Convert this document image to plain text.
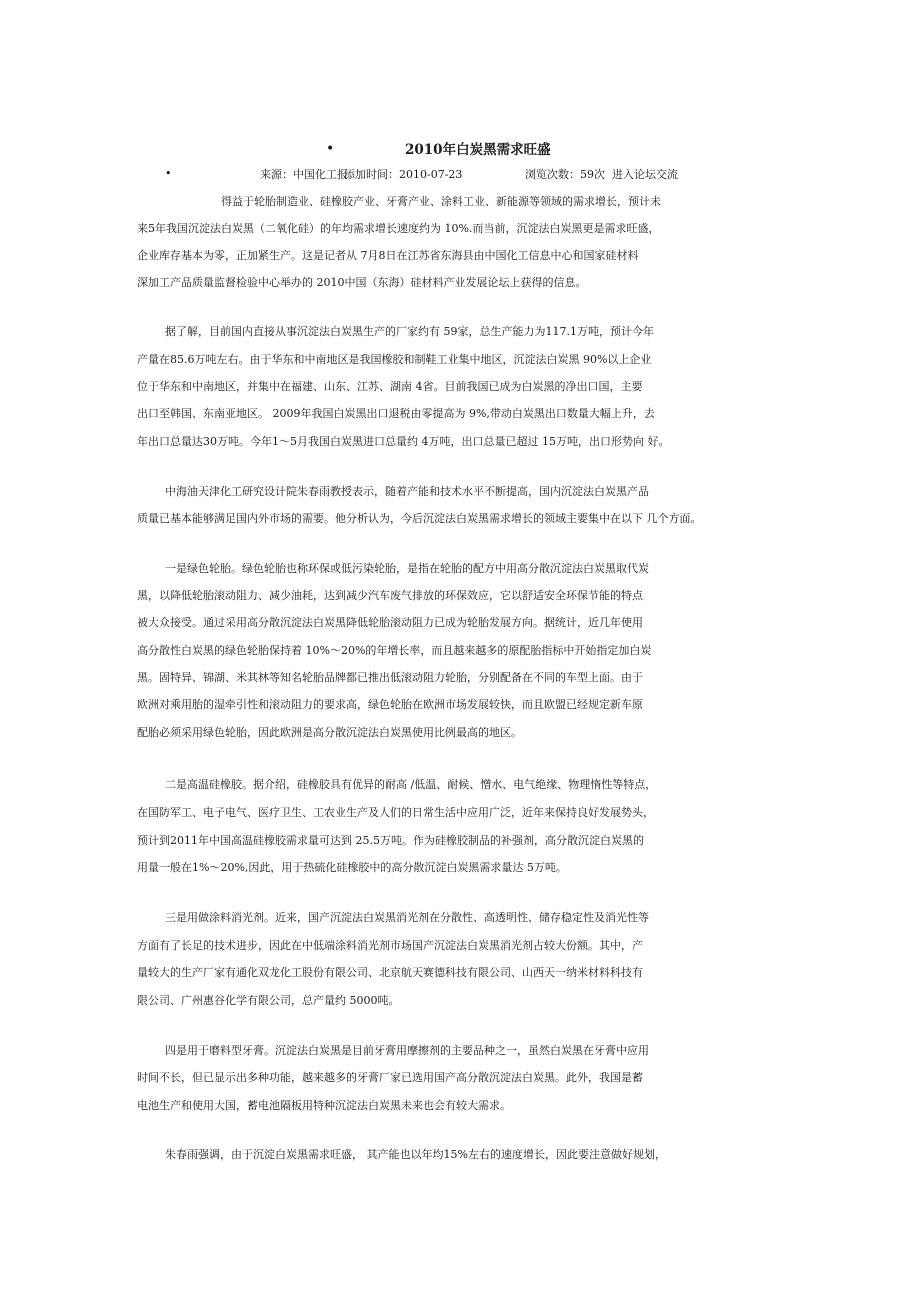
•	2010年白炭黑需求旺盛
•	来源：中国化工报
添加时间：2010-07-23	浏览次数：59次 进入论坛交流
得益于轮胎制造业、硅橡胶产业、牙膏产业、涂料工业、新能源等领域的需求增长，预计未
来5年我国沉淀法白炭黑（二氧化硅）的年均需求增长速度约为 10%.而当前，沉淀法白炭黑更是需求旺盛，
企业库存基本为零，正加紧生产。这是记者从 7月8日在江苏省东海县由中国化工信息中心和国家硅材料
深加工产品质量监督检验中心举办的 2010中国（东海）硅材料产业发展论坛上获得的信息。
据了解，目前国内直接从事沉淀法白炭黑生产的厂家约有 59家，总生产能力为117.1万吨，预计今年
产量在85.6万吨左右。由于华东和中南地区是我国橡胶和制鞋工业集中地区，沉淀法白炭黑 90%以上企业
位于华东和中南地区，并集中在福建、山东、江苏、湖南 4省。目前我国已成为白炭黑的净出口国，主要
出口至韩国、东南亚地区。 2009年我国白炭黑出口退税由零提高为 9%,带动白炭黑出口数量大幅上升，去
年出口总量达30万吨。今年1～5月我国白炭黑进口总量约 4万吨，出口总量已超过 15万吨，出口形势向 好。
中海油天津化工研究设计院朱春雨教授表示，随着产能和技术水平不断提高，国内沉淀法白炭黑产品
质量已基本能够满足国内外市场的需要。他分析认为，今后沉淀法白炭黑需求增长的领域主要集中在以下 几个方面。
一是绿色轮胎。绿色轮胎也称环保或低污染轮胎，是指在轮胎的配方中用高分散沉淀法白炭黑取代炭
黑，以降低轮胎滚动阻力、减少油耗，达到减少汽车废气排放的环保效应，它以舒适安全环保节能的特点
被大众接受。通过采用高分散沉淀法白炭黑降低轮胎滚动阻力已成为轮胎发展方向。据统计，近几年使用
高分散性白炭黑的绿色轮胎保持着 10%～20%的年增长率，而且越来越多的原配胎指标中开始指定加白炭
黑。固特异、锦湖、米其林等知名轮胎品牌都已推出低滚动阻力轮胎，分别配备在不同的车型上面。由于
欧洲对乘用胎的湿牵引性和滚动阻力的要求高，绿色轮胎在欧洲市场发展较快，而且欧盟已经规定新车原
配胎必须采用绿色轮胎，因此欧洲是高分散沉淀法白炭黑使用比例最高的地区。
二是高温硅橡胶。据介绍，硅橡胶具有优异的耐高 /低温、耐候、憎水、电气绝缘、物理惰性等特点，
在国防军工、电子电气、医疗卫生、工农业生产及人们的日常生活中应用广泛，近年来保持良好发展势头，
预计到2011年中国高温硅橡胶需求量可达到 25.5万吨。作为硅橡胶制品的补强剂，高分散沉淀白炭黑的
用量一般在1%～20%,因此，用于热硫化硅橡胶中的高分散沉淀白炭黑需求量达 5万吨。
三是用做涂料消光剂。近来，国产沉淀法白炭黑消光剂在分散性、高透明性、储存稳定性及消光性等
方面有了长足的技术进步，因此在中低端涂料消光剂市场国产沉淀法白炭黑消光剂占较大份额。其中，产
量较大的生产厂家有通化双龙化工股份有限公司、北京航天赛德科技有限公司、山西天一纳米材料科技有
限公司、广州惠谷化学有限公司，总产量约 5000吨。
四是用于磨料型牙膏。沉淀法白炭黑是目前牙膏用摩擦剂的主要品种之一，虽然白炭黑在牙膏中应用
时间不长，但已显示出多种功能，越来越多的牙膏厂家已选用国产高分散沉淀法白炭黑。此外，我国是蓄
电池生产和使用大国，蓄电池隔板用特种沉淀法白炭黑未来也会有较大需求。
朱春雨强调，由于沉淀白炭黑需求旺盛， 其产能也以年均15%左右的速度增长，因此要注意做好规划，
